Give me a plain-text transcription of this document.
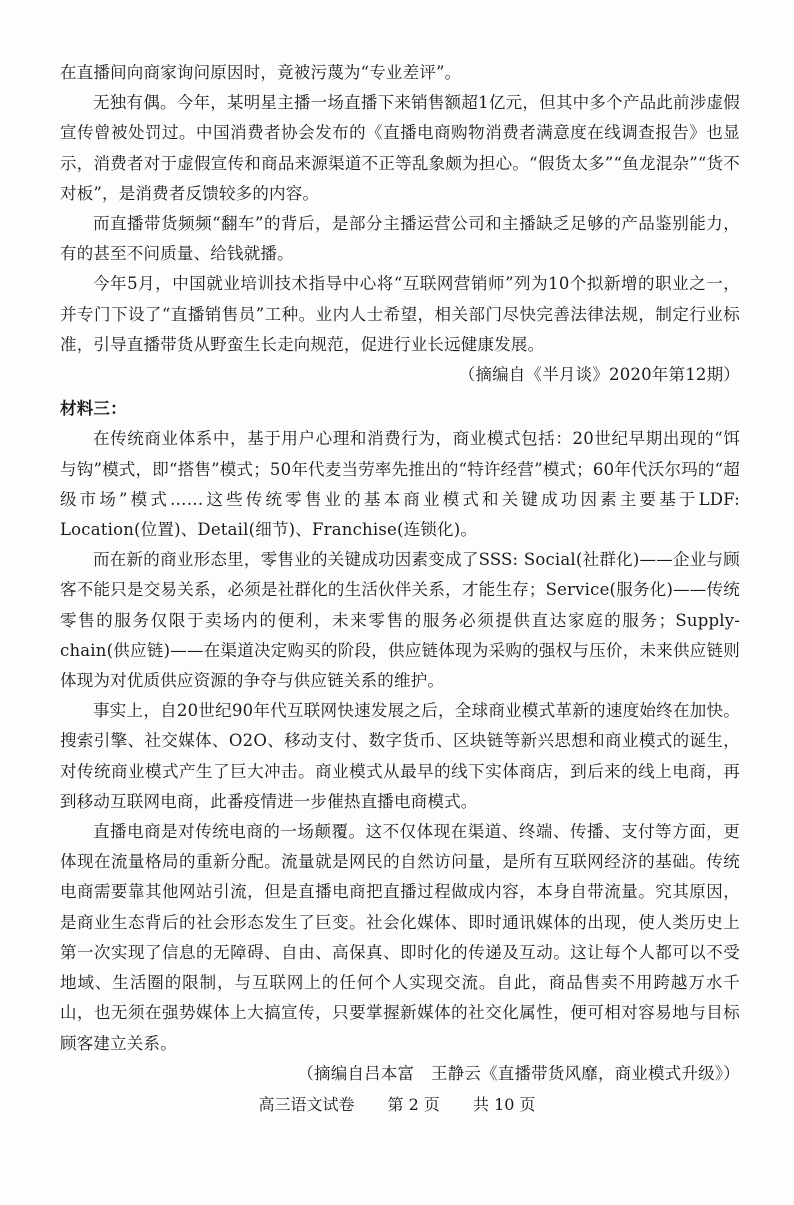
在直播间向商家询问原因时，竟被污蔑为“专业差评”。

无独有偶。今年，某明星主播一场直播下来销售额超1亿元，但其中多个产品此前涉虚假宣传曾被处罚过。中国消费者协会发布的《直播电商购物消费者满意度在线调查报告》也显示，消费者对于虚假宣传和商品来源渠道不正等乱象颇为担心。“假货太多”“鱼龙混杂”“货不对板”，是消费者反馈较多的内容。

而直播带货频频“翻车”的背后，是部分主播运营公司和主播缺乏足够的产品鉴别能力，有的甚至不问质量、给钱就播。

今年5月，中国就业培训技术指导中心将“互联网营销师”列为10个拟新增的职业之一，并专门下设了“直播销售员”工种。业内人士希望，相关部门尽快完善法律法规，制定行业标准，引导直播带货从野蛮生长走向规范，促进行业长远健康发展。

（摘编自《半月谈》2020年第12期）

材料三：

在传统商业体系中，基于用户心理和消费行为，商业模式包括：20世纪早期出现的“饵与钩”模式，即“搭售”模式；50年代麦当劳率先推出的“特许经营”模式；60年代沃尔玛的“超级市场”模式……这些传统零售业的基本商业模式和关键成功因素主要基于LDF: Location(位置)、Detail(细节)、Franchise(连锁化)。

而在新的商业形态里，零售业的关键成功因素变成了SSS: Social(社群化)——企业与顾客不能只是交易关系，必须是社群化的生活伙伴关系，才能生存；Service(服务化)——传统零售的服务仅限于卖场内的便利，未来零售的服务必须提供直达家庭的服务；Supply-chain(供应链)——在渠道决定购买的阶段，供应链体现为采购的强权与压价，未来供应链则体现为对优质供应资源的争夺与供应链关系的维护。

事实上，自20世纪90年代互联网快速发展之后，全球商业模式革新的速度始终在加快。搜索引擎、社交媒体、O2O、移动支付、数字货币、区块链等新兴思想和商业模式的诞生，对传统商业模式产生了巨大冲击。商业模式从最早的线下实体商店，到后来的线上电商，再到移动互联网电商，此番疫情进一步催热直播电商模式。

直播电商是对传统电商的一场颠覆。这不仅体现在渠道、终端、传播、支付等方面，更体现在流量格局的重新分配。流量就是网民的自然访问量，是所有互联网经济的基础。传统电商需要靠其他网站引流，但是直播电商把直播过程做成内容，本身自带流量。究其原因，是商业生态背后的社会形态发生了巨变。社会化媒体、即时通讯媒体的出现，使人类历史上第一次实现了信息的无障碍、自由、高保真、即时化的传递及互动。这让每个人都可以不受地域、生活圈的限制，与互联网上的任何个人实现交流。自此，商品售卖不用跨越万水千山，也无须在强势媒体上大搞宣传，只要掌握新媒体的社交化属性，便可相对容易地与目标顾客建立关系。

（摘编自吕本富　王静云《直播带货风靡，商业模式升级》）

高三语文试卷 第 2 页 共 10 页
